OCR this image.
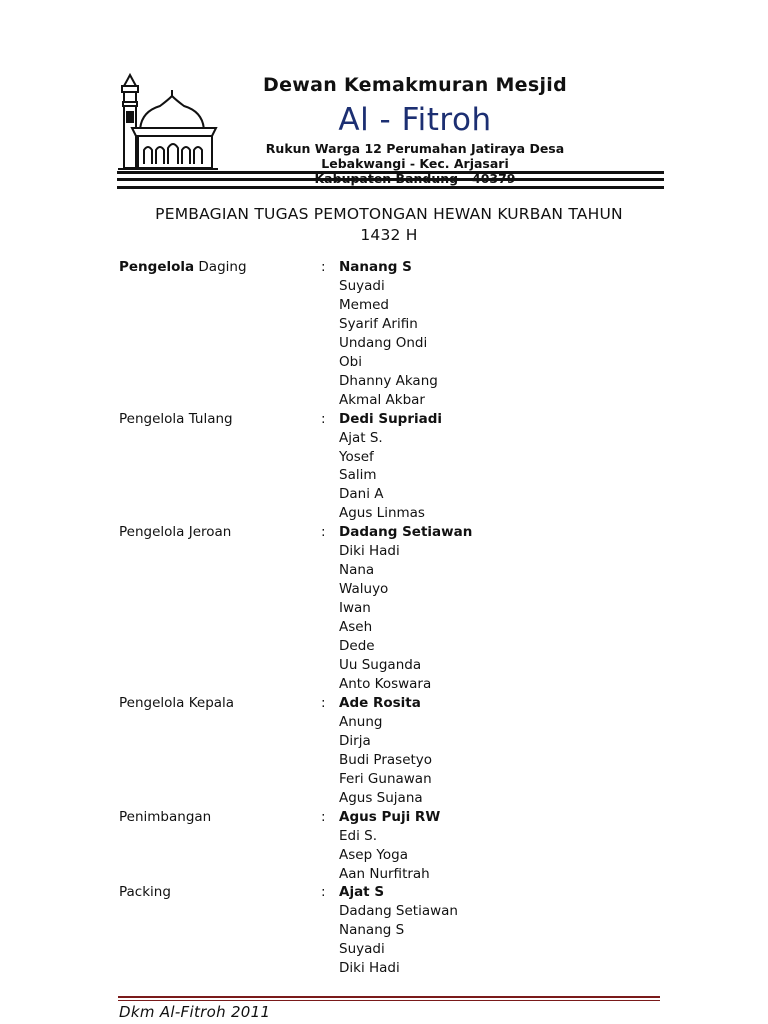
Dewan Kemakmuran Mesjid
Al - Fitroh
Rukun Warga 12 Perumahan Jatiraya Desa
Lebakwangi - Kec. Arjasari
PEMBAGIAN TUGAS PEMOTONGAN HEWAN KURBAN TAHUN
1432 H
Pengelola Daging	: Nanang S
Suyadi
Memed
Syarif Arifin
Undang Ondi
Obi
Dhanny Akang
Akmal Akbar
Pengelola Tulang	: Dedi Supriadi
Ajat S.
Yosef
Salim
Dani A
Agus Linmas
Pengelola Jeroan	: Dadang Setiawan
Diki Hadi
Nana
Waluyo
Iwan
Aseh
Dede
Uu Suganda
Anto Koswara
Pengelola Kepala	: Ade Rosita
Anung
Dirja
Budi Prasetyo
Feri Gunawan
Agus Sujana
Penimbangan	: Agus Puji RW
Edi S.
Asep Yoga
Aan Nurfitrah
Packing	: Ajat S
Dadang Setiawan
Nanang S
Suyadi
Diki Hadi
Dkm Al-Fitroh 2011
